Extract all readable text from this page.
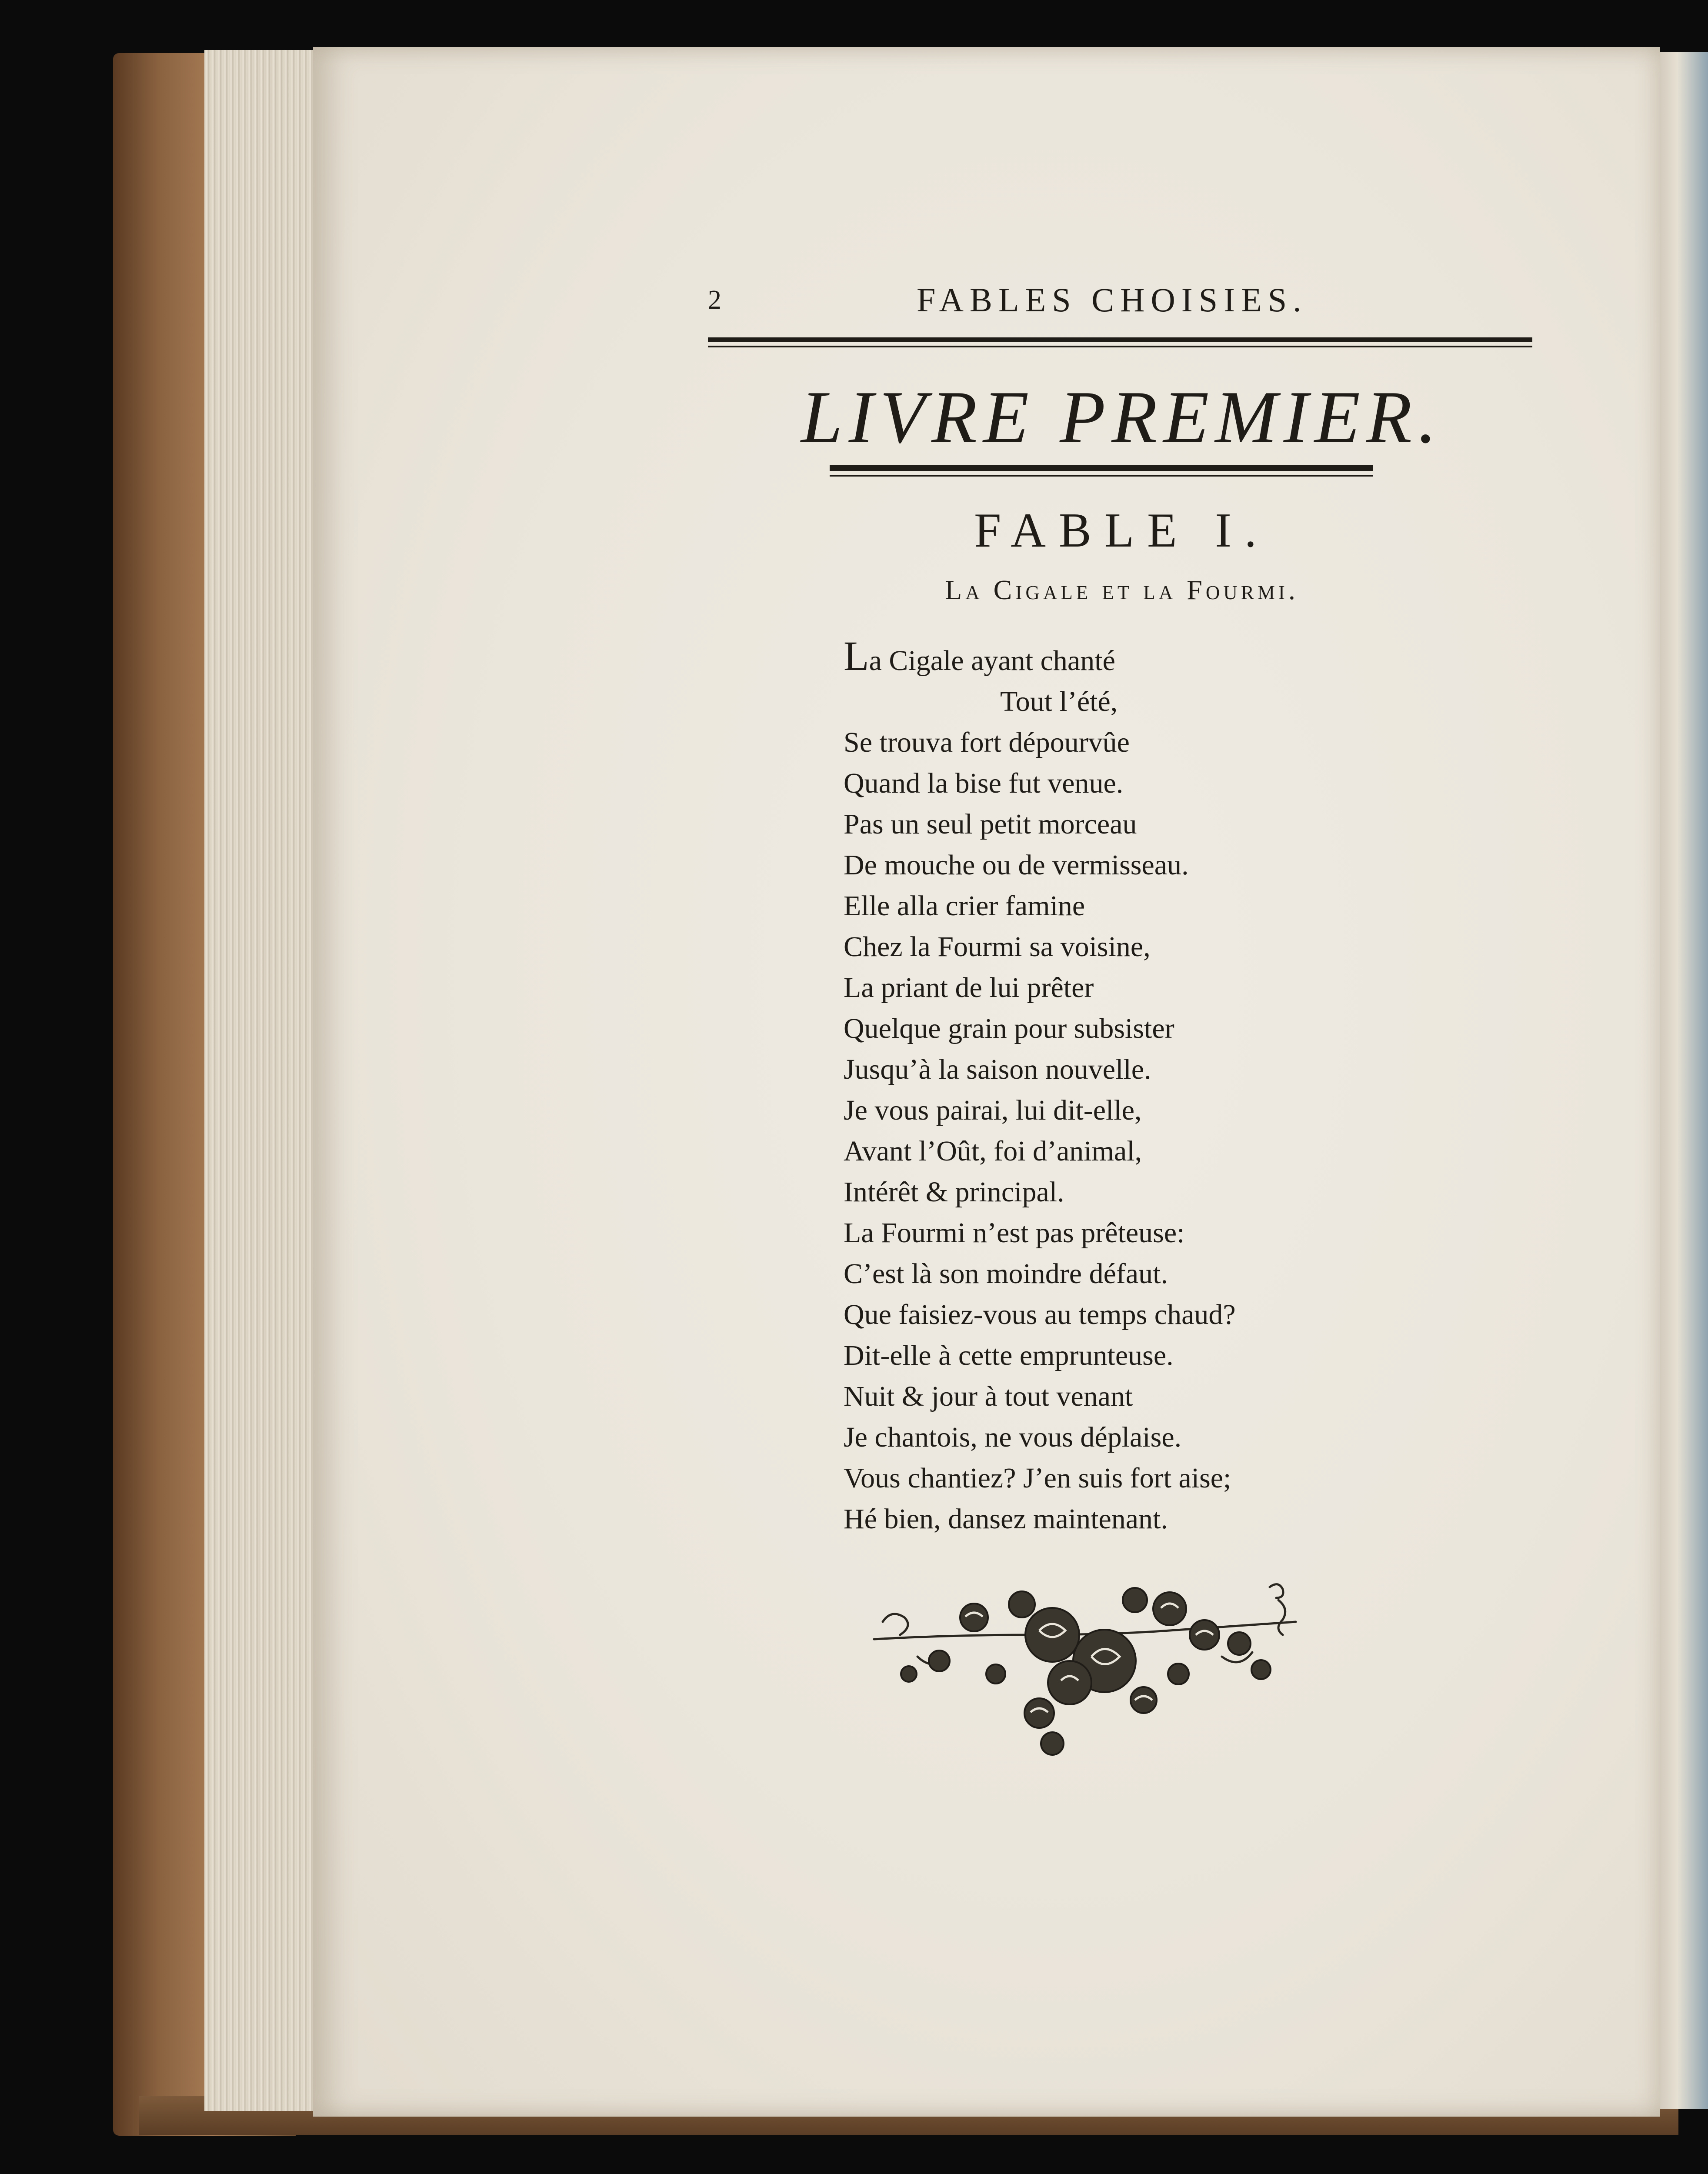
2	FABLES CHOISIES.
LIVRE PREMIER.
FABLE I.
La Cigale et la Fourmi.
La Cigale ayant chanté
Tout l’été,
Se trouva fort dépourvûe
Quand la bise fut venue.
Pas un seul petit morceau
De mouche ou de vermisseau.
Elle alla crier famine
Chez la Fourmi sa voisine,
La priant de lui prêter
Quelque grain pour subsister
Jusqu’à la saison nouvelle.
Je vous pairai, lui dit-elle,
Avant l’Oût, foi d’animal,
Intérêt & principal.
La Fourmi n’est pas prêteuse:
C’est là son moindre défaut.
Que faisiez-vous au temps chaud?
Dit-elle à cette emprunteuse.
Nuit & jour à tout venant
Je chantois, ne vous déplaise.
Vous chantiez? J’en suis fort aise;
Hé bien, dansez maintenant.
